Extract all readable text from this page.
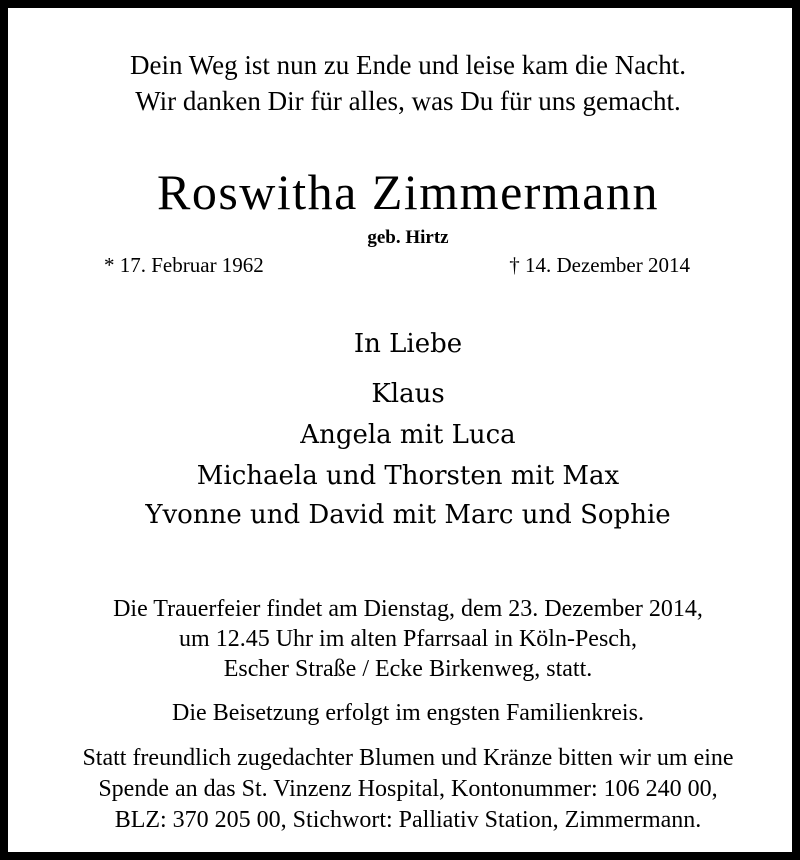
Dein Weg ist nun zu Ende und leise kam die Nacht.
Wir danken Dir für alles, was Du für uns gemacht.
Roswitha Zimmermann
geb. Hirtz
* 17. Februar 1962	† 14. Dezember 2014
In Liebe
Klaus
Angela mit Luca
Michaela und Thorsten mit Max
Yvonne und David mit Marc und Sophie
Die Trauerfeier findet am Dienstag, dem 23. Dezember 2014,
um 12.45 Uhr im alten Pfarrsaal in Köln-Pesch,
Escher Straße / Ecke Birkenweg, statt.
Die Beisetzung erfolgt im engsten Familienkreis.
Statt freundlich zugedachter Blumen und Kränze bitten wir um eine
Spende an das St. Vinzenz Hospital, Kontonummer: 106 240 00,
BLZ: 370 205 00, Stichwort: Palliativ Station, Zimmermann.
